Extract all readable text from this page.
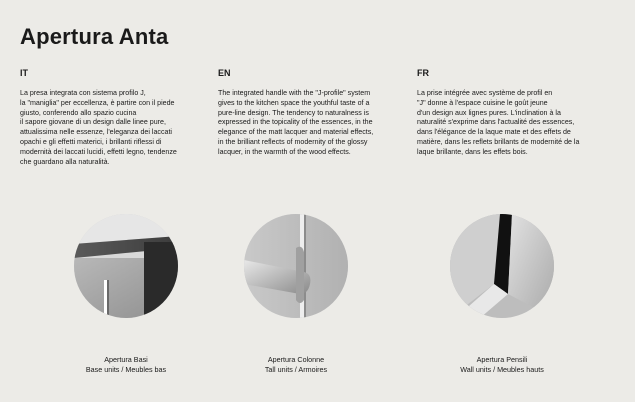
Apertura Anta
IT
La presa integrata con sistema profilo J,
la "maniglia" per eccellenza, è partire con il piede
giusto, conferendo allo spazio cucina
il sapore giovane di un design dalle linee pure,
attualissima nelle essenze, l'eleganza dei laccati
opachi e gli effetti materici, i brillanti riflessi di
modernità dei laccati lucidi, effetti legno, tendenze
che guardano alla naturalità.
EN
The integrated handle with the "J-profile" system
gives to the kitchen space the youthful taste of a
pure-line design. The tendency to naturalness is
expressed in the topicality of the essences, in the
elegance of the matt lacquer and material effects,
in the brilliant reflects of modernity of the glossy
lacquer, in the warmth of the wood effects.
FR
La prise intégrée avec système de profil en
"J" donne à l'espace cuisine le goût jeune
d'un design aux lignes pures. L'inclination à la
naturalité s'exprime dans l'actualité des essences,
dans l'élégance de la laque mate et des effets de
matière, dans les reflets brillants de modernité de la
laque brillante, dans les effets bois.
Apertura Basi
Base units / Meubles bas
Apertura Colonne
Tall units / Armoires
Apertura Pensili
Wall units / Meubles hauts
